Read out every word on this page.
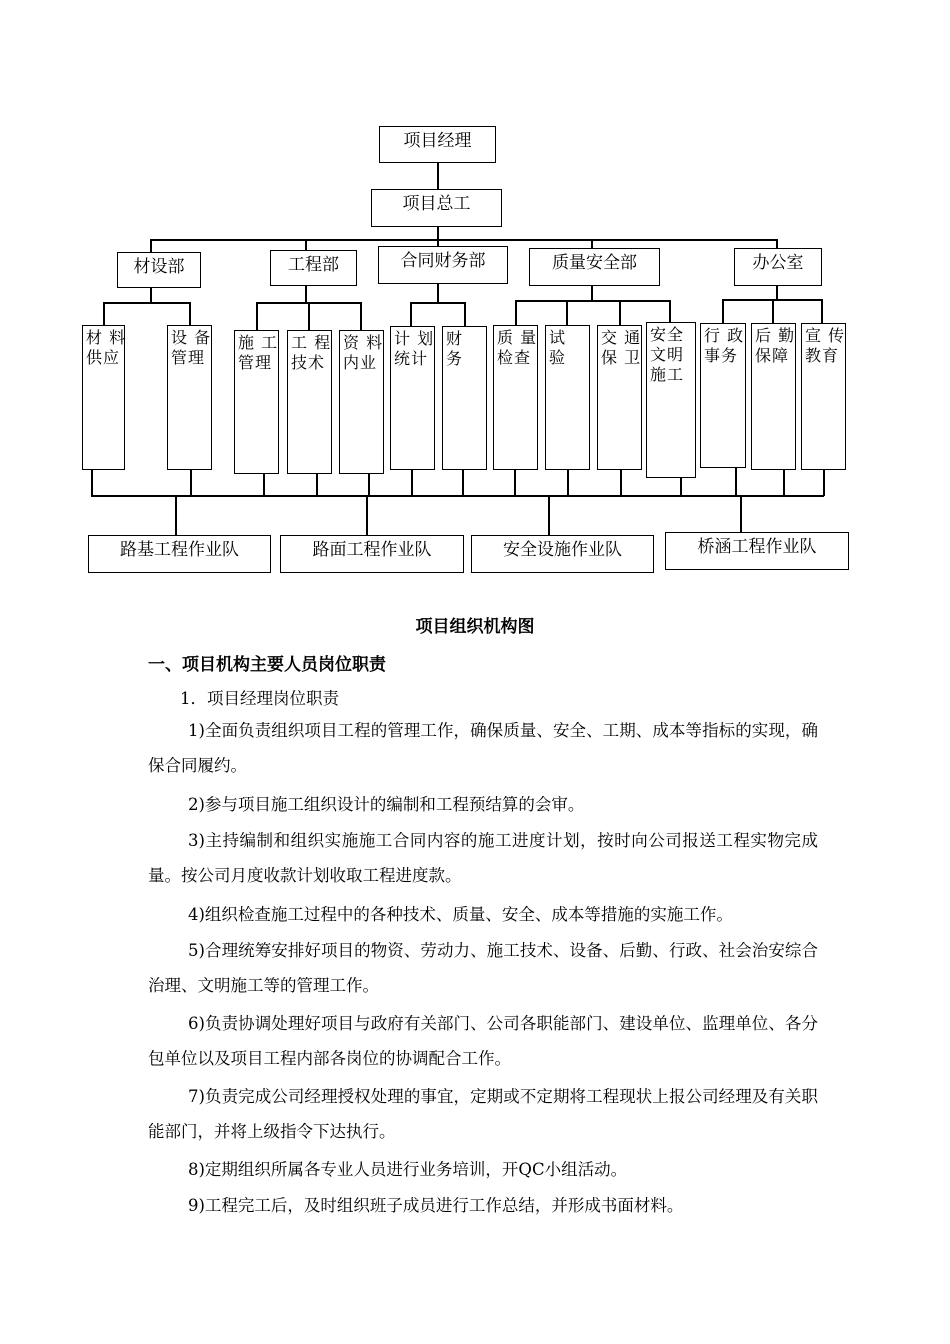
项目经理
项目总工
材设部	工程部	合同财务部	质量安全部	办公室
材 料
供应
设 备
管理
施 工
管理
工 程
技术
资 料
内业
计 划
统计
财
务
质 量
检查
试
验
交 通
保 卫
安全
文明
施工
行 政
事务
后 勤
保障
宣 传
教育
路基工程作业队	路面工程作业队	安全设施作业队	桥涵工程作业队
项目组织机构图
一、项目机构主要人员岗位职责
1．项目经理岗位职责

1)全面负责组织项目工程的管理工作，确保质量、安全、工期、成本等指标的实现，确保合同履约。

2)参与项目施工组织设计的编制和工程预结算的会审。

3)主持编制和组织实施施工合同内容的施工进度计划，按时向公司报送工程实物完成量。按公司月度收款计划收取工程进度款。

4)组织检查施工过程中的各种技术、质量、安全、成本等措施的实施工作。

5)合理统筹安排好项目的物资、劳动力、施工技术、设备、后勤、行政、社会治安综合治理、文明施工等的管理工作。

6)负责协调处理好项目与政府有关部门、公司各职能部门、建设单位、监理单位、各分包单位以及项目工程内部各岗位的协调配合工作。

7)负责完成公司经理授权处理的事宜，定期或不定期将工程现状上报公司经理及有关职能部门，并将上级指令下达执行。

8)定期组织所属各专业人员进行业务培训，开QC小组活动。

9)工程完工后，及时组织班子成员进行工作总结，并形成书面材料。
